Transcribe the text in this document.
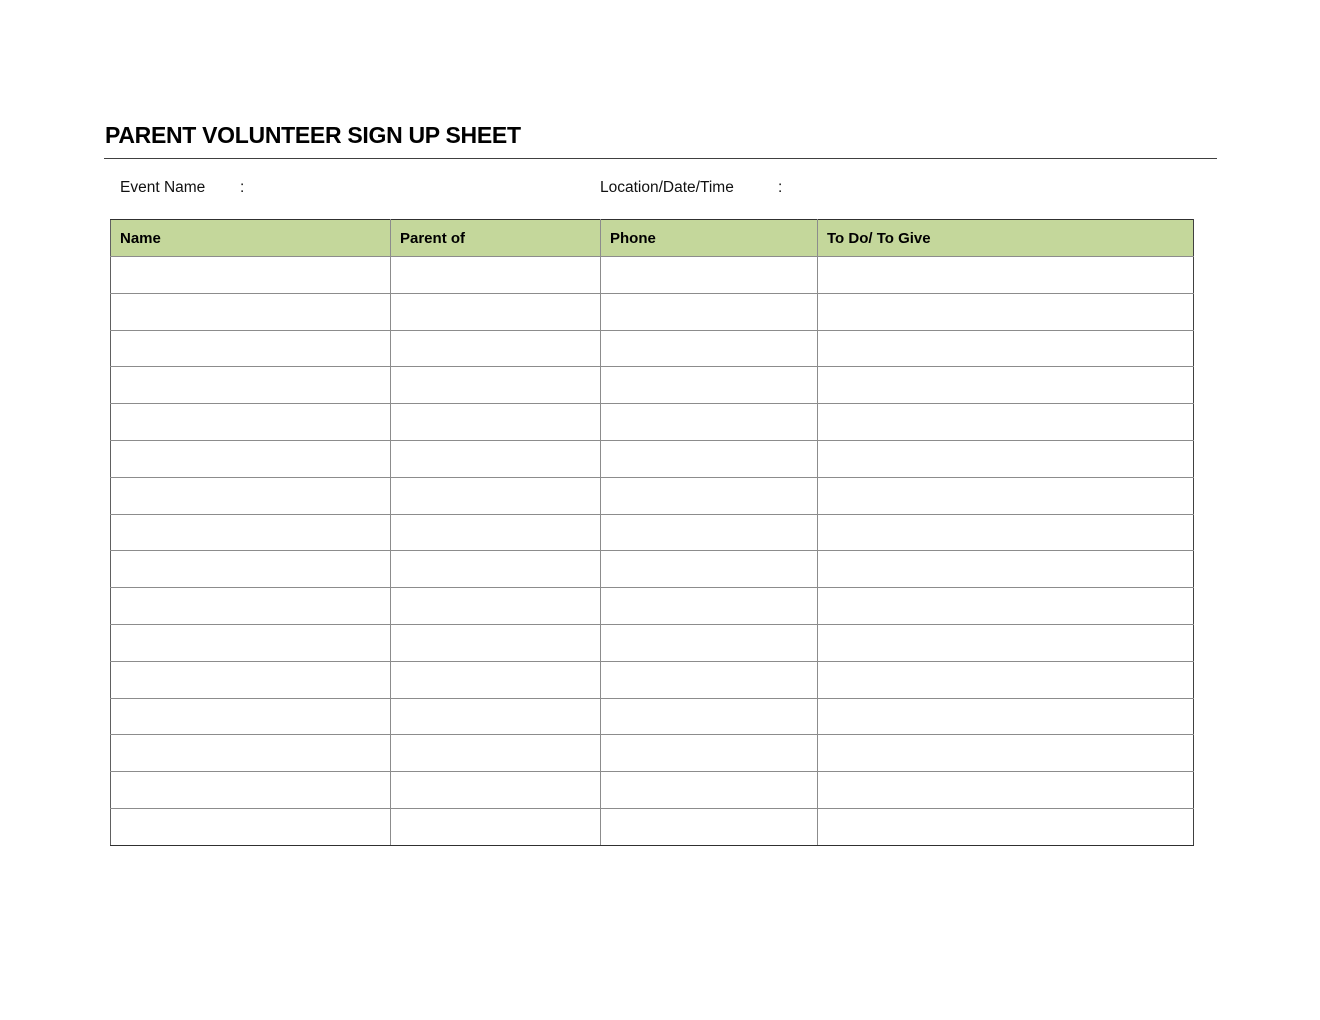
PARENT VOLUNTEER SIGN UP SHEET
Event Name :	Location/Date/Time	:
Name	Parent of	Phone	To Do/ To Give
